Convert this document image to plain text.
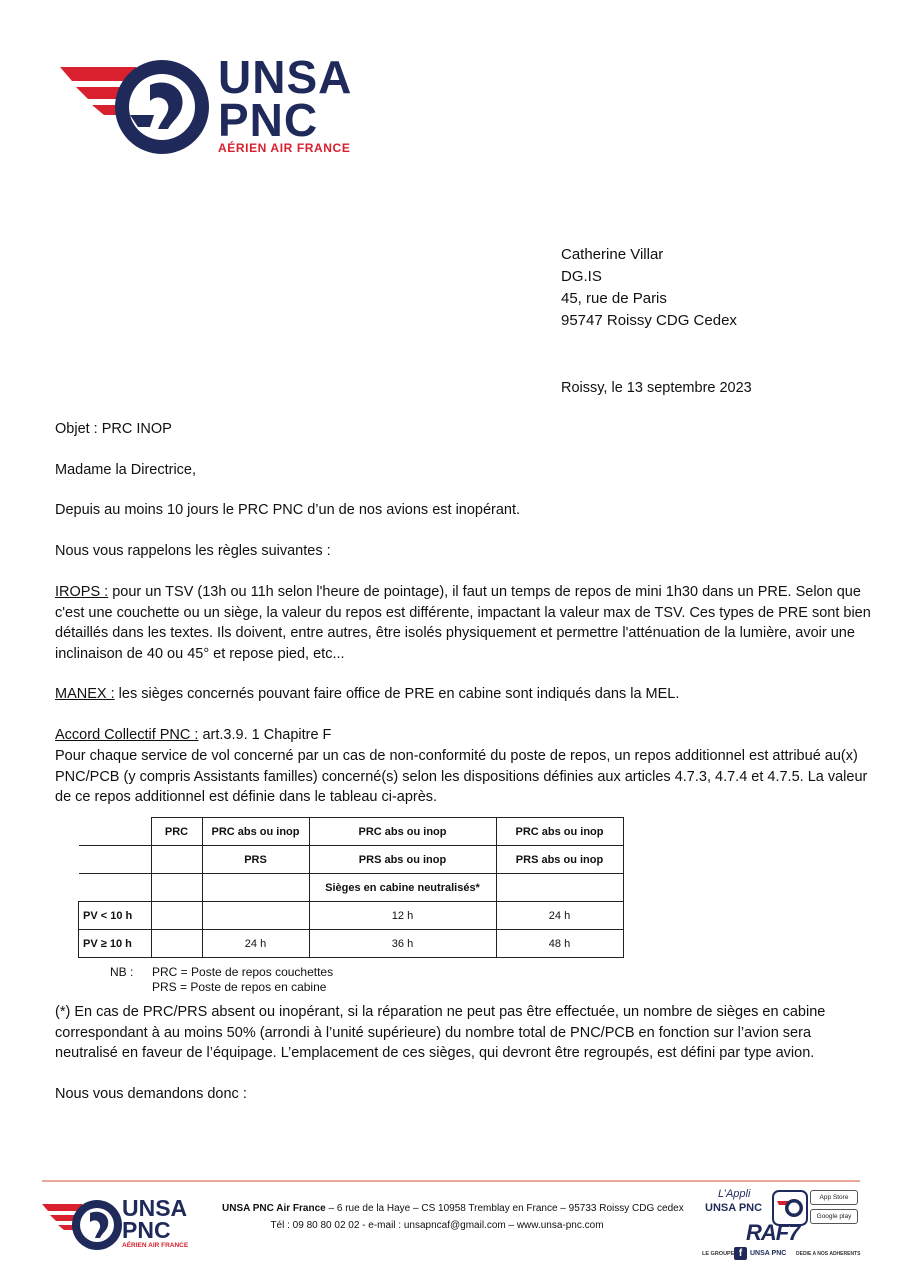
UNSA
PNC
AÉRIEN AIR FRANCE
Catherine Villar
DG.IS
45, rue de Paris
95747 Roissy CDG Cedex
Roissy, le 13 septembre 2023
Objet : PRC INOP
Madame la Directrice,
Depuis au moins 10 jours le PRC PNC d’un de nos avions est inopérant.
Nous vous rappelons les règles suivantes :
IROPS : pour un TSV (13h ou 11h selon l'heure de pointage), il faut un temps de repos de mini 1h30 dans un PRE. Selon que c'est une couchette ou un siège, la valeur du repos est différente, impactant la valeur max de TSV. Ces types de PRE sont bien détaillés dans les textes. Ils doivent, entre autres, être isolés physiquement et permettre l'atténuation de la lumière, avoir une inclinaison de 40 ou 45° et repose pied, etc...
MANEX : les sièges concernés pouvant faire office de PRE en cabine sont indiqués dans la MEL.
Accord Collectif PNC : art.3.9. 1 Chapitre F
Pour chaque service de vol concerné par un cas de non-conformité du poste de repos, un repos additionnel est attribué au(x) PNC/PCB (y compris Assistants familles) concerné(s) selon les dispositions définies aux articles 4.7.3, 4.7.4 et 4.7.5. La valeur de ce repos additionnel est définie dans le tableau ci-après.
	PRC	PRC abs ou inop	PRC abs ou inop	PRC abs ou inop
		PRS	PRS abs ou inop	PRS abs ou inop
			Sièges en cabine neutralisés*	
PV < 10 h			12 h	24 h
PV ≥ 10 h		24 h	36 h	48 h
NB : PRC = Poste de repos couchettes
PRS = Poste de repos en cabine
(*) En cas de PRC/PRS absent ou inopérant, si la réparation ne peut pas être effectuée, un nombre de sièges en cabine correspondant à au moins 50% (arrondi à l’unité supérieure) du nombre total de PNC/PCB en fonction sur l’avion sera neutralisé en faveur de l’équipage. L’emplacement de ces sièges, qui devront être regroupés, est défini par type avion.
Nous vous demandons donc :
UNSA
PNC
AÉRIEN AIR FRANCE
UNSA PNC Air France – 6 rue de la Haye – CS 10958 Tremblay en France – 95733 Roissy CDG cedex
Tél : 09 80 80 02 02 - e-mail : unsapncaf@gmail.com – www.unsa-pnc.com
L’Appli
UNSA PNC
App Store
Google play
RAF7
LE GROUPE f	UNSA PNC DEDIE A NOS ADHERENTS
